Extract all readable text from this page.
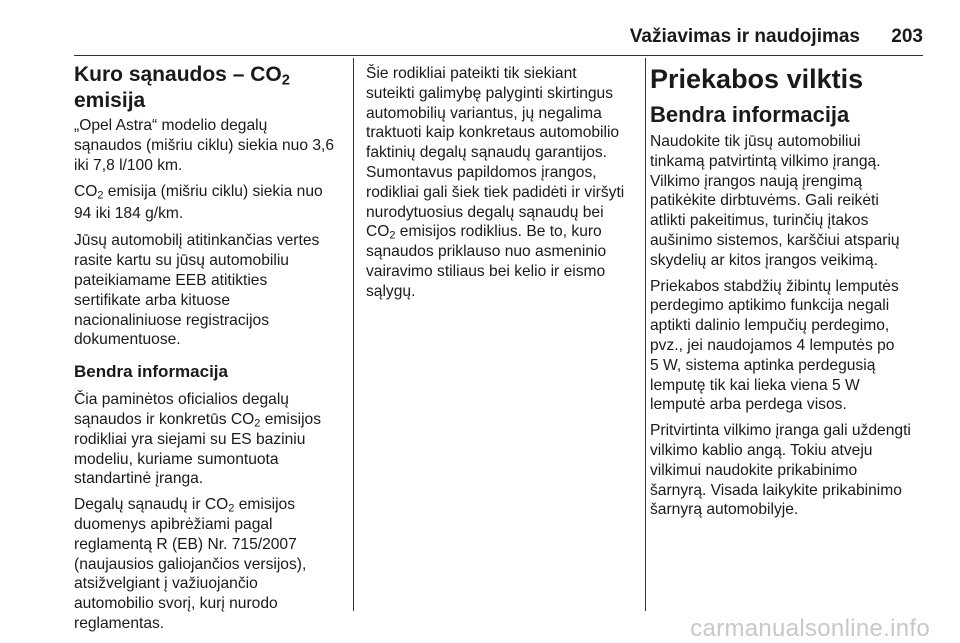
Važiavimas ir naudojimas 203
Kuro sąnaudos – $CO_2$
emisija

„Opel Astra“ modelio degalų
sąnaudos (mišriu ciklu) siekia nuo 3,6
iki 7,8 l/100 km.

$CO_2$ emisija (mišriu ciklu) siekia nuo
94 iki 184 g/km.

Jūsų automobilį atitinkančias vertes
rasite kartu su jūsų automobiliu
pateikiamame EEB atitikties
sertifikate arba kituose
nacionaliniuose registracijos
dokumentuose.

Bendra informacija

Čia paminėtos oficialios degalų
sąnaudos ir konkretūs $CO_2$ emisijos
rodikliai yra siejami su ES baziniu
modeliu, kuriame sumontuota
standartinė įranga.

Degalų sąnaudų ir $CO_2$ emisijos
duomenys apibrėžiami pagal
reglamentą R (EB) Nr. 715/2007
(naujausios galiojančios versijos),
atsižvelgiant į važiuojančio
automobilio svorį, kurį nurodo
reglamentas.

Šie rodikliai pateikti tik siekiant
suteikti galimybę palyginti skirtingus
automobilių variantus, jų negalima
traktuoti kaip konkretaus automobilio
faktinių degalų sąnaudų garantijos.
Sumontavus papildomos įrangos,
rodikliai gali šiek tiek padidėti ir viršyti
nurodytuosius degalų sąnaudų bei
$CO_2$ emisijos rodiklius. Be to, kuro
sąnaudos priklauso nuo asmeninio
vairavimo stiliaus bei kelio ir eismo
sąlygų.

Priekabos vilktis
Bendra informacija

Naudokite tik jūsų automobiliui
tinkamą patvirtintą vilkimo įrangą.
Vilkimo įrangos naują įrengimą
patikėkite dirbtuvėms. Gali reikėti
atlikti pakeitimus, turinčių įtakos
aušinimo sistemos, karščiui atsparių
skydelių ar kitos įrangos veikimą.

Priekabos stabdžių žibintų lemputės
perdegimo aptikimo funkcija negali
aptikti dalinio lempučių perdegimo,
pvz., jei naudojamos 4 lemputės po
5 W, sistema aptinka perdegusią
lemputę tik kai lieka viena 5 W
lemputė arba perdega visos.

Pritvirtinta vilkimo įranga gali uždengti
vilkimo kablio angą. Tokiu atveju
vilkimui naudokite prikabinimo
šarnyrą. Visada laikykite prikabinimo
šarnyrą automobilyje.

carmanualsonline.info
